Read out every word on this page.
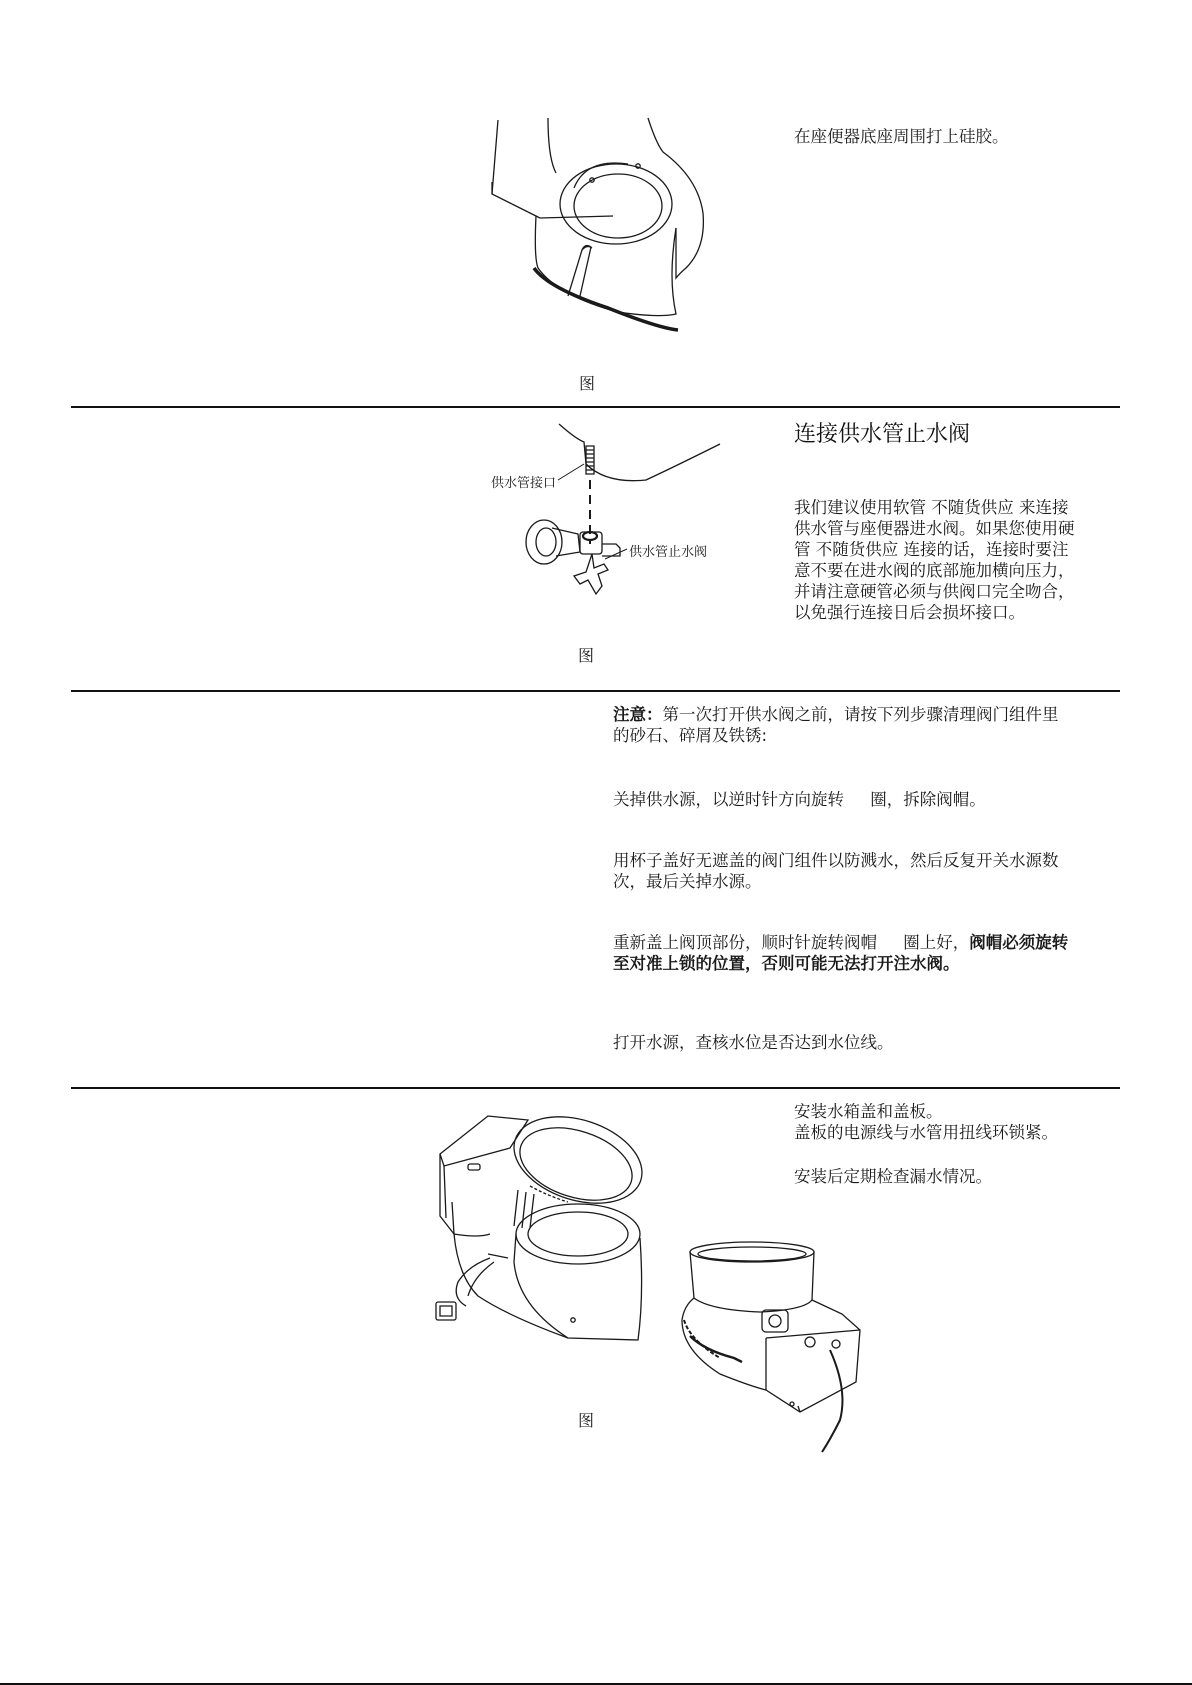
在座便器底座周围打上硅胶。
图
供水管接口
供水管止水阀
连接供水管止水阀
我们建议使用软管 不随货供应 来连接
供水管与座便器进水阀。如果您使用硬
管 不随货供应 连接的话，连接时要注
意不要在进水阀的底部施加横向压力，
并请注意硬管必须与供阀口完全吻合，
以免强行连接日后会损坏接口。
图
注意：第一次打开供水阀之前，请按下列步骤清理阀门组件里
的砂石、碎屑及铁锈:
关掉供水源，以逆时针方向旋转     圈，拆除阀帽。
用杯子盖好无遮盖的阀门组件以防溅水，然后反复开关水源数
次，最后关掉水源。
重新盖上阀顶部份，顺时针旋转阀帽     圈上好，阀帽必须旋转
至对准上锁的位置，否则可能无法打开注水阀。
打开水源，查核水位是否达到水位线。
安装水箱盖和盖板。
盖板的电源线与水管用扭线环锁紧。
安装后定期检查漏水情况。
图
